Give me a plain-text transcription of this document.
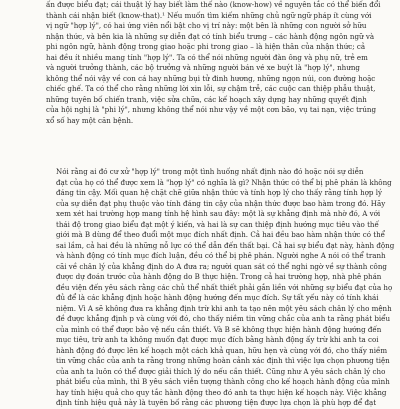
ấn được biểu đạt; cái thuật lý hay biết làm thế nào (know-how) về nguyên tắc có thể biến đổi
thành cái nhận biết (know-that).¹ Nếu muốn tìm kiếm những chủ ngữ ngữ pháp ít cùng với
vị ngữ "hợp lý", có hai ứng viên nổi bật cho vị trí này: một bên là những con người sở hữu
nhận thức, và bên kia là những sự diễn đạt có tính biểu trưng – các hành động ngôn ngữ và
phi ngôn ngữ, hành động trong giao hoặc phi trong giao – là hiện thân của nhận thức; cả
hai đều ít nhiều mang tính "hợp lý". Ta có thể nói những người đàn ông và phụ nữ, trẻ em
và người trưởng thành, các bộ trưởng và những người bán vé xe buýt là "hợp lý", nhưng
không thể nói vậy về con cá hay những bụi tử đinh hương, những ngọn núi, con đường hoặc
chiếc ghế. Ta có thể cho rằng những lời xin lỗi, sự chậm trễ, các cuộc can thiệp phẫu thuật,
những tuyên bố chiến tranh, việc sửa chữa, các kế hoạch xây dựng hay những quyết định
của hội nghị là "phi lý", nhưng không thể nói như vậy về một cơn bão, vụ tai nạn, việc trúng
xổ số hay một căn bệnh.
Nói rằng ai đó cư xử "hợp lý" trong một tình huống nhất định nào đó hoặc nói sự diễn
đạt của họ có thể được xem là "hợp lý" có nghĩa là gì? Nhận thức có thể bị phê phán là không
đáng tin cậy. Mối quan hệ chặt chẽ giữa nhận thức và tính hợp lý cho thấy rằng tính hợp lý
của sự diễn đạt phụ thuộc vào tính đáng tin cậy của nhận thức được bao hàm trong đó. Hãy
xem xét hai trường hợp mang tính hệ hình sau đây: một là sự khẳng định mà nhờ đó, A với
thái độ trong giao biểu đạt một ý kiến, và hai là sự can thiệp định hướng mục tiêu vào thế
giới mà B dùng để theo đuổi một mục đích nhất định. Cả hai đều bao hàm nhận thức có thể
sai lầm, cả hai đều là những nỗ lực có thể dẫn đến thất bại. Cả hai sự biểu đạt này, hành động
và hành động có tính mục đích luận, đều có thể bị phê phán. Người nghe A nói có thể tranh
cãi về chân lý của khẳng định do A đưa ra; người quan sát có thể nghi ngờ về sự thành công
được dự đoán trước của hành động do B thực hiện. Trong cả hai trường hợp, nhà phê phán
đều viện đến yêu sách rằng các chủ thể nhất thiết phải gắn liền với những sự biểu đạt của họ
đủ để là các khẳng định hoặc hành động hướng đến mục đích. Sự tất yếu này có tính khái
niệm. Vì A sẽ không đưa ra khẳng định trừ khi anh ta tạo nên một yêu sách chân lý cho mệnh
đề được khẳng định p và cùng với đó, cho thấy niềm tin vững chắc của anh ta rằng phát biểu
của mình có thể được bảo vệ nếu cần thiết. Và B sẽ không thực hiện hành động hướng đến
mục tiêu, trừ anh ta không muốn đạt được mục đích bằng hành động ấy trừ khi anh ta coi
hành động đó được lên kế hoạch một cách khả quan, hữu hẹn và cùng với đó, cho thấy niềm
tin vững chắc của anh ta rằng trong những hoàn cảnh xác định thì việc lựa chọn phương tiện
của anh ta luôn có thể được giải thích lý do nếu cần thiết. Cũng như A yêu sách chân lý cho
phát biểu của mình, thì B yêu sách viễn tượng thành công cho kế hoạch hành động của mình
hay tính hiệu quả cho quy tắc hành động theo đó anh ta thực hiện kế hoạch này. Việc khẳng
định tính hiệu quả này là tuyên bố rằng các phương tiện được lựa chọn là phù hợp để đạt
